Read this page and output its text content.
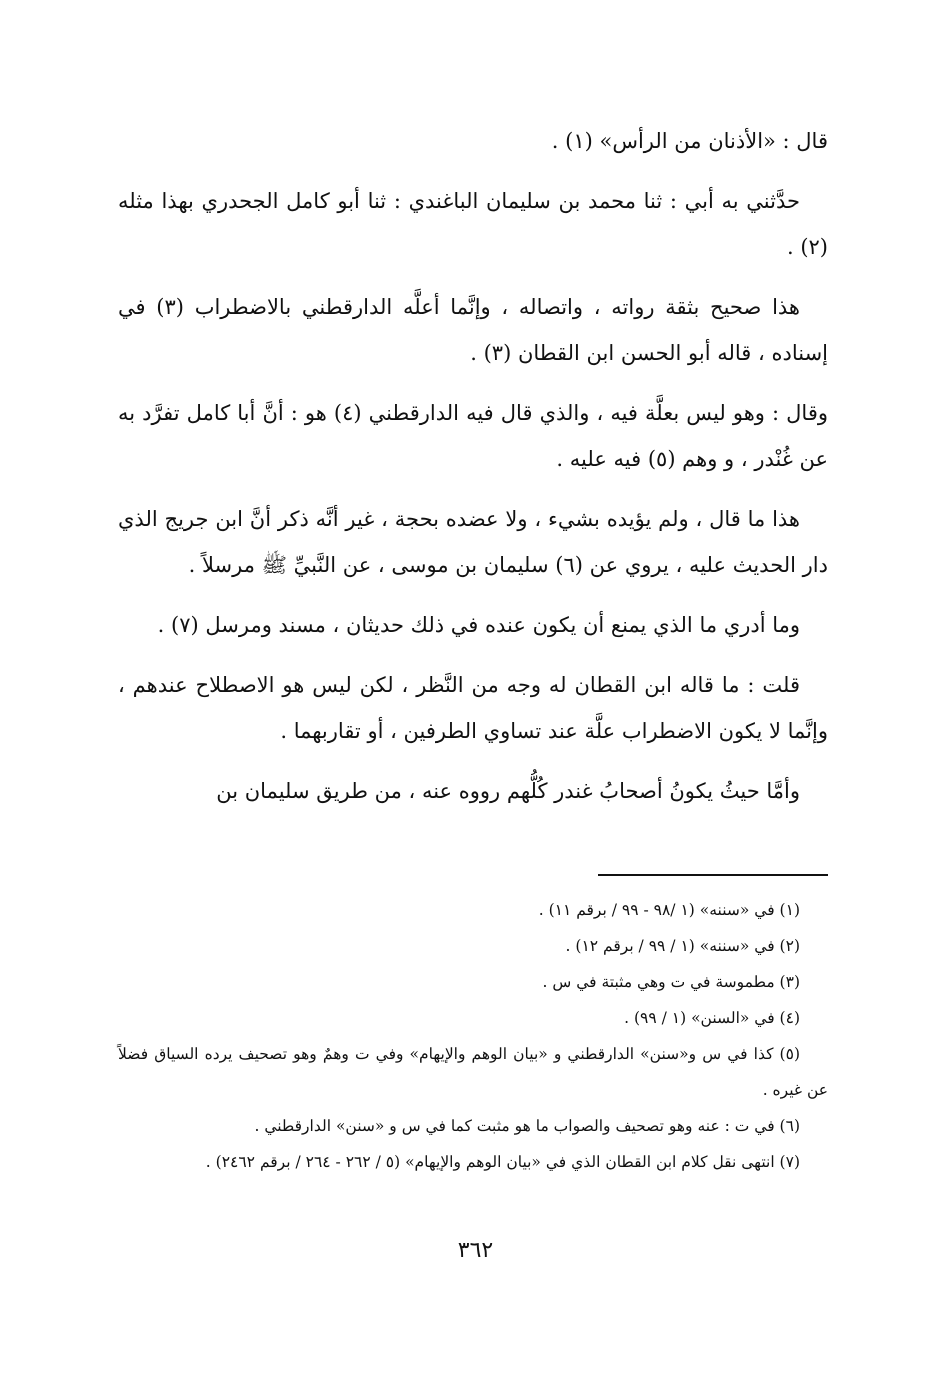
قال : «الأذنان من الرأس» (١) .

حدَّثني به أبي : ثنا محمد بن سليمان الباغندي : ثنا أبو كامل الجحدري بهذا مثله (٢) .

هذا صحيح بثقة رواته ، واتصاله ، وإنَّما أعلَّه الدارقطني بالاضطراب (٣) في إسناده ، قاله أبو الحسن ابن القطان (٣) .

وقال : وهو ليس بعلَّة فيه ، والذي قال فيه الدارقطني (٤) هو : أنَّ أبا كامل تفرَّد به عن غُنْدر ، و وهم (٥) فيه عليه .

هذا ما قال ، ولم يؤيده بشيء ، ولا عضده بحجة ، غير أنَّه ذكر أنَّ ابن جريج الذي دار الحديث عليه ، يروي عن (٦) سليمان بن موسى ، عن النَّبيِّ ﷺ مرسلاً .

وما أدري ما الذي يمنع أن يكون عنده في ذلك حديثان ، مسند ومرسل (٧) .

قلت : ما قاله ابن القطان له وجه من النَّظر ، لكن ليس هو الاصطلاح عندهم ، وإنَّما لا يكون الاضطراب علَّة عند تساوي الطرفين ، أو تقاربهما .

وأمَّا حيثُ يكونُ أصحابُ غندر كُلُّهم رووه عنه ، من طريق سليمان بن

(١) في «سننه» (١ /٩٨ - ٩٩ / برقم ١١) .

(٢) في «سننه» (١ / ٩٩ / برقم ١٢) .

(٣) مطموسة في ت وهي مثبتة في س .

(٤) في «السنن» (١ / ٩٩) .

(٥) كذا في س و«سنن» الدارقطني و «بيان الوهم والإيهام» وفي ت وهمٌ وهو تصحيف يرده السياق فضلاً عن غيره .

(٦) في ت : عنه وهو تصحيف والصواب ما هو مثبت كما في س و «سنن» الدارقطني .

(٧) انتهى نقل كلام ابن القطان الذي في «بيان الوهم والإيهام» (٥ / ٢٦٢ - ٢٦٤ / برقم ٢٤٦٢) .

٣٦٢
